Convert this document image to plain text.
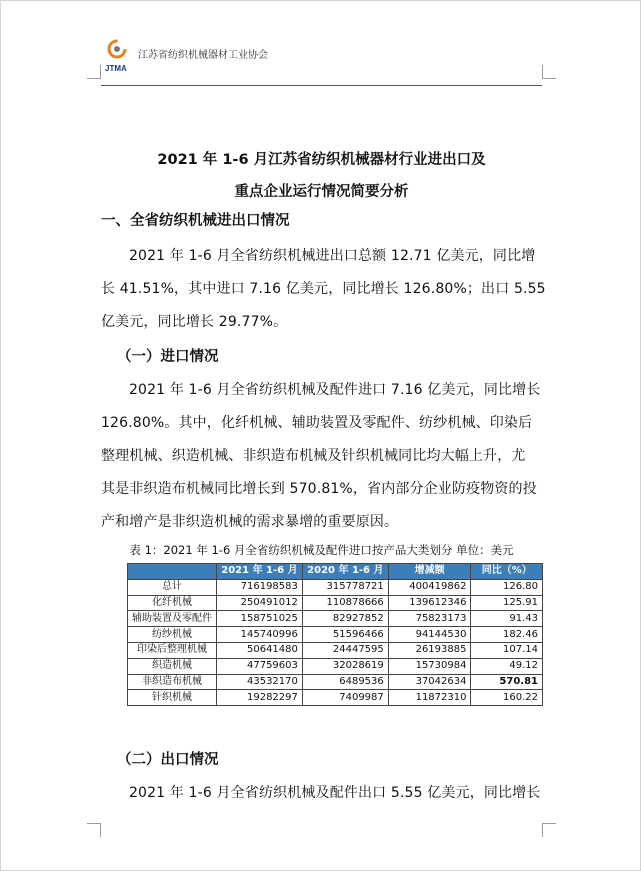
JTMA
江苏省纺织机械器材工业协会
2021 年 1-6 月江苏省纺织机械器材行业进出口及
重点企业运行情况简要分析
一、全省纺织机械进出口情况
2021 年 1-6 月全省纺织机械进出口总额 12.71 亿美元，同比增
长 41.51%，其中进口 7.16 亿美元，同比增长 126.80%；出口 5.55
亿美元，同比增长 29.77%。
（一）进口情况
2021 年 1-6 月全省纺织机械及配件进口 7.16 亿美元，同比增长
126.80%。其中，化纤机械、辅助装置及零配件、纺纱机械、印染后
整理机械、织造机械、非织造布机械及针织机械同比均大幅上升，尤
其是非织造布机械同比增长到 570.81%，省内部分企业防疫物资的投
产和增产是非织造机械的需求暴增的重要原因。
表 1：2021 年 1-6 月全省纺织机械及配件进口按产品大类划分 单位：美元
	2021 年 1-6 月	2020 年 1-6 月	增减额	同比（%）
总计	716198583	315778721	400419862	126.80
化纤机械	250491012	110878666	139612346	125.91
辅助装置及零配件	158751025	82927852	75823173	91.43
纺纱机械	145740996	51596466	94144530	182.46
印染后整理机械	50641480	24447595	26193885	107.14
织造机械	47759603	32028619	15730984	49.12
非织造布机械	43532170	6489536	37042634	570.81
针织机械	19282297	7409987	11872310	160.22
（二）出口情况
2021 年 1-6 月全省纺织机械及配件出口 5.55 亿美元，同比增长
